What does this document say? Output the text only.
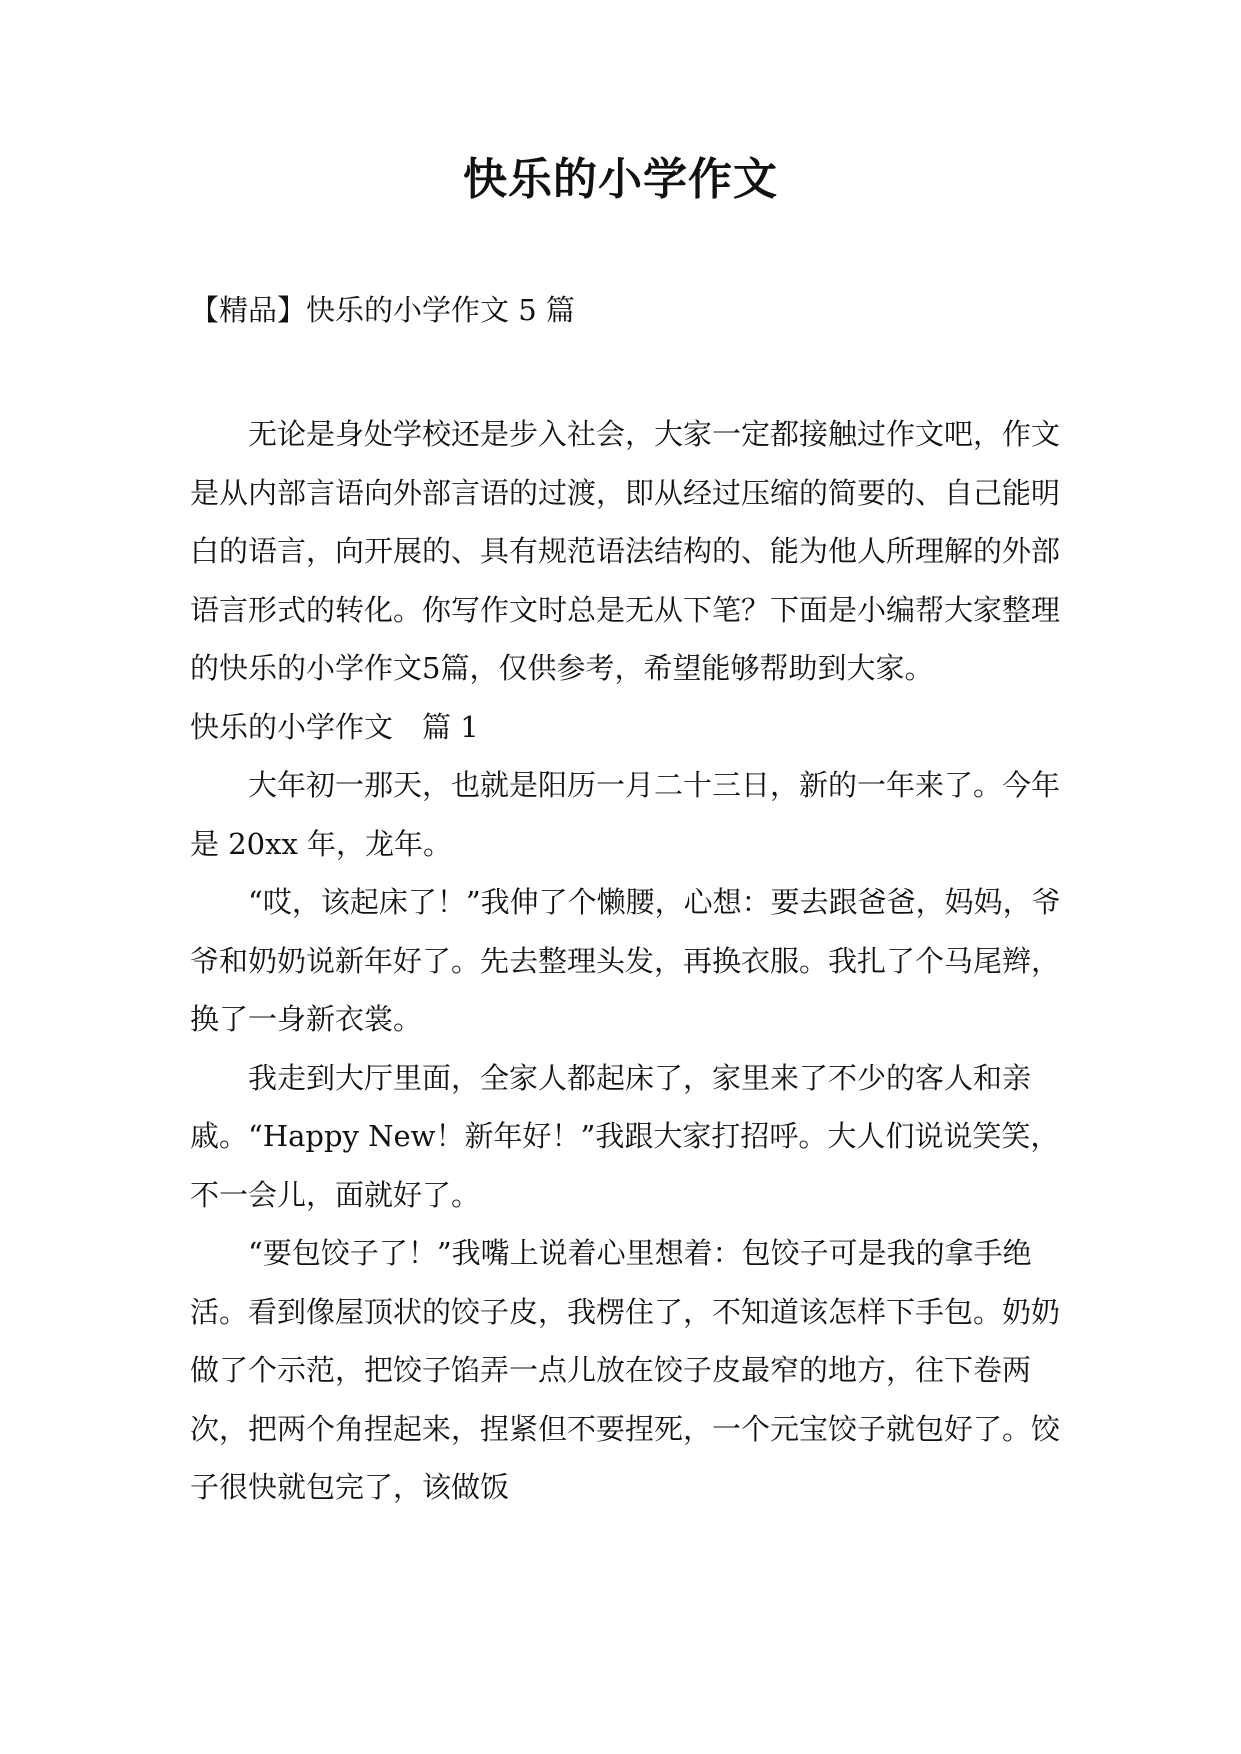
快乐的小学作文
【精品】快乐的小学作文 5 篇

无论是身处学校还是步入社会，大家一定都接触过作文吧，作文是从内部言语向外部言语的过渡，即从经过压缩的简要的、自己能明白的语言，向开展的、具有规范语法结构的、能为他人所理解的外部语言形式的转化。你写作文时总是无从下笔？下面是小编帮大家整理的快乐的小学作文5篇，仅供参考，希望能够帮助到大家。

快乐的小学作文　篇 1

大年初一那天，也就是阳历一月二十三日，新的一年来了。今年是 20xx 年，龙年。

“哎，该起床了！”我伸了个懒腰，心想：要去跟爸爸，妈妈，爷爷和奶奶说新年好了。先去整理头发，再换衣服。我扎了个马尾辫，换了一身新衣裳。

我走到大厅里面，全家人都起床了，家里来了不少的客人和亲戚。“Happy New！新年好！”我跟大家打招呼。大人们说说笑笑，不一会儿，面就好了。

“要包饺子了！”我嘴上说着心里想着：包饺子可是我的拿手绝活。看到像屋顶状的饺子皮，我楞住了，不知道该怎样下手包。奶奶做了个示范，把饺子馅弄一点儿放在饺子皮最窄的地方，往下卷两次，把两个角捏起来，捏紧但不要捏死，一个元宝饺子就包好了。饺子很快就包完了，该做饭
